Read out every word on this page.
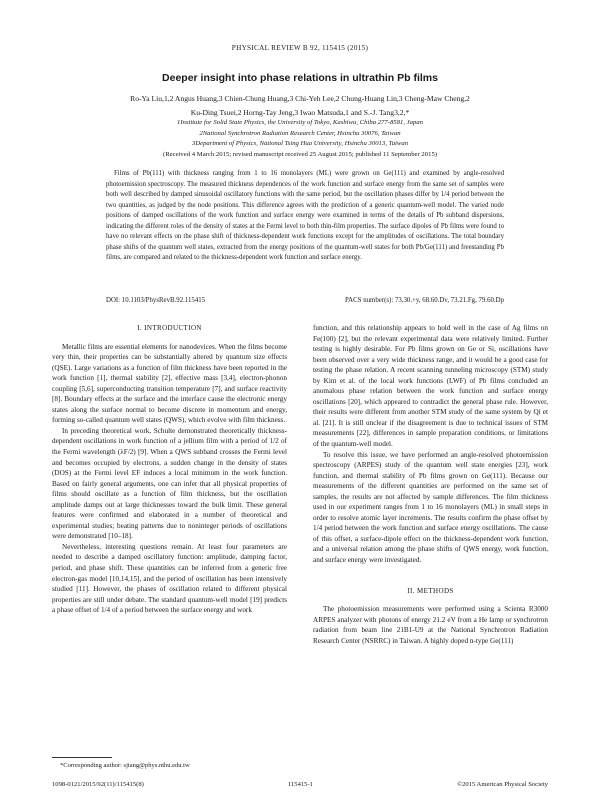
PHYSICAL REVIEW B 92, 115415 (2015)
Deeper insight into phase relations in ultrathin Pb films
Ro-Ya Liu,1,2 Angus Huang,3 Chien-Chung Huang,3 Chi-Yeh Lee,2 Chung-Huang Lin,3 Cheng-Maw Cheng,2
Ku-Ding Tsuei,2 Horng-Tay Jeng,3 Iwao Matsuda,1 and S.-J. Tang3,2,*
1Institute for Solid State Physics, the University of Tokyo, Kashiwa, Chiba 277-8581, Japan
2National Synchrotron Radiation Research Center, Hsinchu 30076, Taiwan
3Department of Physics, National Tsing Hua University, Hsinchu 30013, Taiwan
(Received 4 March 2015; revised manuscript received 25 August 2015; published 11 September 2015)
Films of Pb(111) with thickness ranging from 1 to 16 monolayers (ML) were grown on Ge(111) and examined by angle-resolved photoemission spectroscopy. The measured thickness dependences of the work function and surface energy from the same set of samples were both well described by damped sinusoidal oscillatory functions with the same period, but the oscillation phases differ by 1/4 period between the two quantities, as judged by the node positions. This difference agrees with the prediction of a generic quantum-well model. The varied node positions of damped oscillations of the work function and surface energy were examined in terms of the details of Pb subband dispersions, indicating the different roles of the density of states at the Fermi level to both thin-film properties. The surface dipoles of Pb films were found to have no relevant effects on the phase shift of thickness-dependent work functions except for the amplitudes of oscillations. The total boundary phase shifts of the quantum well states, extracted from the energy positions of the quantum-well states for both Pb/Ge(111) and freestanding Pb films, are compared and related to the thickness-dependent work function and surface energy.
DOI: 10.1103/PhysRevB.92.115415	PACS number(s): 73.30.+y, 68.60.Dv, 73.21.Fg, 79.60.Dp
I. INTRODUCTION

Metallic films are essential elements for nanodevices. When the films become very thin, their properties can be substantially altered by quantum size effects (QSE). Large variations as a function of film thickness have been reported in the work function [1], thermal stability [2], effective mass [3,4], electron-phonon coupling [5,6], superconducting transition temperature [7], and surface reactivity [8]. Boundary effects at the surface and the interface cause the electronic energy states along the surface normal to become discrete in momentum and energy, forming so-called quantum well states (QWS), which evolve with film thickness.

In preceding theoretical work, Schulte demonstrated theoretically thickness-dependent oscillations in work function of a jellium film with a period of 1/2 of the Fermi wavelength (λF/2) [9]. When a QWS subband crosses the Fermi level and becomes occupied by electrons, a sudden change in the density of states (DOS) at the Fermi level EF induces a local minimum in the work function. Based on fairly general arguments, one can infer that all physical properties of films should oscillate as a function of film thickness, but the oscillation amplitude damps out at large thicknesses toward the bulk limit. These general features were confirmed and elaborated in a number of theoretical and experimental studies; beating patterns due to noninteger periods of oscillations were demonstrated [10–18].

Nevertheless, interesting questions remain. At least four parameters are needed to describe a damped oscillatory function: amplitude, damping factor, period, and phase shift. These quantities can be inferred from a generic free electron-gas model [10,14,15], and the period of oscillation has been intensively studied [11]. However, the phases of oscillation related to different physical properties are still under debate. The standard quantum-well model [19] predicts a phase offset of 1/4 of a period between the surface energy and work

function, and this relationship appears to hold well in the case of Ag films on Fe(100) [2], but the relevant experimental data were relatively limited. Further testing is highly desirable. For Pb films grown on Ge or Si, oscillations have been observed over a very wide thickness range, and it would be a good case for testing the phase relation. A recent scanning tunneling microscopy (STM) study by Kim et al. of the local work functions (LWF) of Pb films concluded an anomalous phase relation between the work function and surface energy oscillations [20], which appeared to contradict the general phase rule. However, their results were different from another STM study of the same system by Qi et al. [21]. It is still unclear if the disagreement is due to technical issues of STM measurements [22], differences in sample preparation conditions, or limitations of the quantum-well model.

To resolve this issue, we have performed an angle-resolved photoemission spectroscopy (ARPES) study of the quantum well state energies [23], work function, and thermal stability of Pb films grown on Ge(111). Because our measurements of the different quantities are performed on the same set of samples, the results are not affected by sample differences. The film thickness used in our experiment ranges from 1 to 16 monolayers (ML) in small steps in order to resolve atomic layer increments. The results confirm the phase offset by 1/4 period between the work function and surface energy oscillations. The cause of this offset, a surface-dipole effect on the thickness-dependent work function, and a universal relation among the phase shifts of QWS energy, work function, and surface energy were investigated.

II. METHODS

The photoemission measurements were performed using a Scienta R3000 ARPES analyzer with photons of energy 21.2 eV from a He lamp or synchrotron radiation from beam line 21B1-U9 at the National Synchrotron Radiation Research Center (NSRRC) in Taiwan. A highly doped n-type Ge(111)

*Corresponding author: sjtang@phys.nthu.edu.tw
1098-0121/2015/92(11)/115415(8)	115415-1	©2015 American Physical Society
